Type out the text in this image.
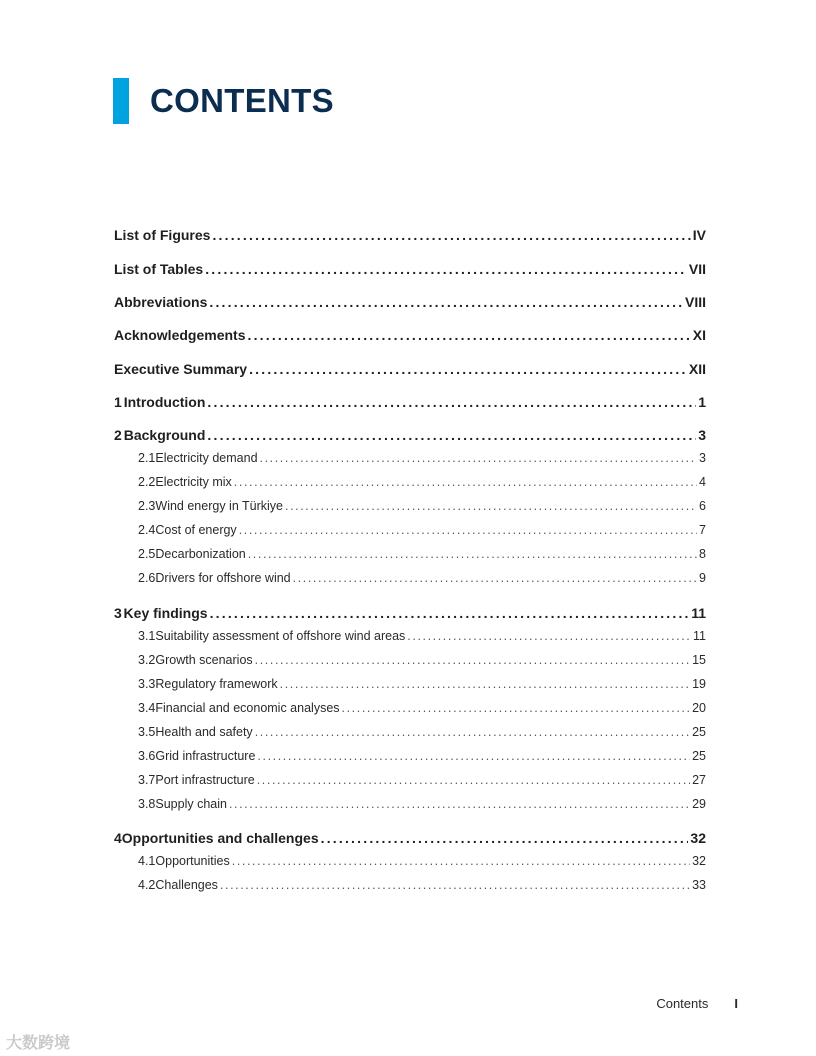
CONTENTS
List of Figures .....	IV
List of Tables .....	VII
Abbreviations .....	VIII
Acknowledgements .....	XI
Executive Summary .....	XII
1 Introduction .....	1
2 Background .....	3
2.1 Electricity demand .....	3
2.2 Electricity mix .....	4
2.3 Wind energy in Türkiye .....	6
2.4 Cost of energy .....	7
2.5 Decarbonization .....	8
2.6 Drivers for offshore wind .....	9
3 Key findings .....	11
3.1 Suitability assessment of offshore wind areas .....	11
3.2 Growth scenarios .....	15
3.3 Regulatory framework .....	19
3.4 Financial and economic analyses .....	20
3.5 Health and safety .....	25
3.6 Grid infrastructure .....	25
3.7 Port infrastructure .....	27
3.8 Supply chain .....	29
4 Opportunities and challenges .....	32
4.1 Opportunities .....	32
4.2 Challenges .....	33
Contents I
大数跨境
